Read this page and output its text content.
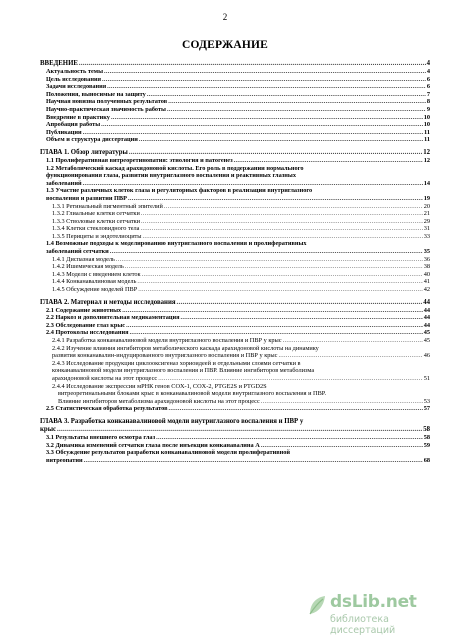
2
СОДЕРЖАНИЕ
ВВЕДЕНИЕ .....	4
Актуальность темы .....	4
Цель исследования .....	6
Задачи исследования .....	6
Положения, выносимые на защиту .....	7
Научная новизна полученных результатов .....	8
Научно-практическая значимость работы .....	9
Внедрение в практику .....	10
Апробация работы .....	10
Публикации .....	11
Объем и структура диссертации .....	11
ГЛАВА 1. Обзор литературы .....	12
1.1 Пролиферативная витреоретинопатия: этиология и патогенез .....	12
1.2 Метаболический каскад арахидоновой кислоты. Его роль в поддержании нормального
функционирования глаза, развитии внутриглазного воспаления и реактивных глазных
заболеваний .....	14
1.3 Участие различных клеток глаза и регуляторных факторов в реализации внутриглазного
воспаления и развитии ПВР .....	19
1.3.1 Ретинальный пигментный эпителий .....	20
1.3.2 Глиальные клетки сетчатки .....	21
1.3.3 Стволовые клетки сетчатки .....	29
1.3.4 Клетки стекловидного тела .....	31
1.3.5 Перициты и эндотелиоциты .....	33
1.4 Возможные подходы к моделированию внутриглазного воспаления и пролиферативных
заболеваний сетчатки .....	35
1.4.1 Диспазная модель .....	36
1.4.2 Ишемическая модель .....	38
1.4.3 Модели с введением клеток .....	40
1.4.4 Конканавалиновая модель .....	41
1.4.5 Обсуждение моделей ПВР .....	42
ГЛАВА 2. Материал и методы исследования .....	44
2.1 Содержание животных .....	44
2.2 Наркоз и дополнительная медикаментация .....	44
2.3 Обследование глаз крыс .....	44
2.4 Протоколы исследования .....	45
2.4.1 Разработка конканавалиновой модели внутриглазного воспаления и ПВР у крыс .....	45
2.4.2 Изучение влияния ингибиторов метаболического каскада арахидоновой кислоты на динамику
развития конканавалин-индуцированного внутриглазного воспаления и ПВР у крыс .....	46
2.4.3 Исследование продукции циклооксигеназ хориоидеей и отдельными слоями сетчатки в
конканавалиновой модели внутриглазного воспаления и ПВР. Влияние ингибиторов метаболизма
арахидоновой кислоты на этот процесс .....	51
2.4.4 Исследование экспрессии мРНК генов COX-1, COX-2, PTGE2S и PTGD2S
витреоретинальными блоками крыс в конканавалиновой модели внутриглазного воспаления и ПВР.
Влияние ингибиторов метаболизма арахидоновой кислоты на этот процесс .....	53
2.5 Статистическая обработка результатов .....	57
ГЛАВА 3. Разработка конканавалиновой модели внутриглазного воспаления и ПВР у
крыс .....	58
3.1 Результаты внешнего осмотра глаз .....	58
3.2 Динамика изменений сетчатки глаза после инъекции конканавалина А .....	59
3.3 Обсуждение результатов разработки конканавалиновой модели пролиферативной
витреопатии .....	68
dsLib.net
библиотека диссертаций
